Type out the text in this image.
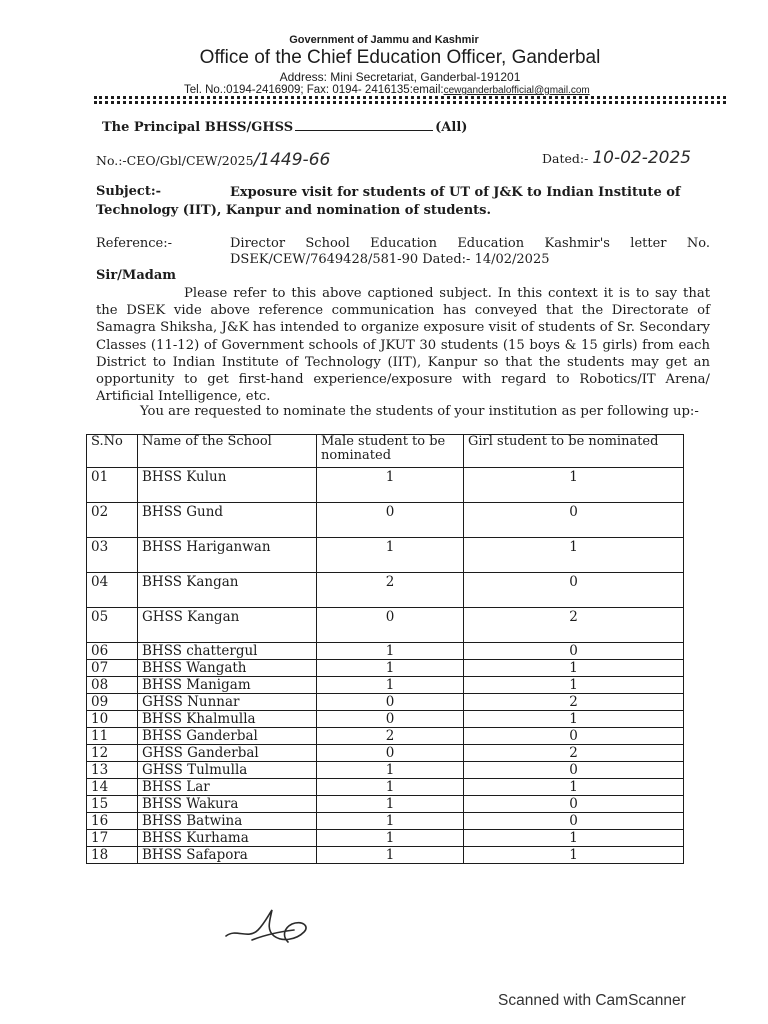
Government of Jammu and Kashmir
Office of the Chief Education Officer, Ganderbal
Address: Mini Secretariat, Ganderbal-191201
Tel. No.:0194-2416909; Fax: 0194- 2416135:email:cewganderbalofficial@gmail.com
The Principal BHSS/GHSS	(All)
No.:-CEO/Gbl/CEW/2025/1449-66	Dated:- 10-02-2025
Subject:-	Exposure visit for students of UT of J&K to Indian Institute of Technology (IIT), Kanpur and nomination of students.
Reference:-	Director School Education Education Kashmir's letter No. DSEK/CEW/7649428/581-90 Dated:- 14/02/2025
Sir/Madam
Please refer to this above captioned subject. In this context it is to say that the DSEK vide above reference communication has conveyed that the Directorate of Samagra Shiksha, J&K has intended to organize exposure visit of students of Sr. Secondary Classes (11-12) of Government schools of JKUT 30 students (15 boys & 15 girls) from each District to Indian Institute of Technology (IIT), Kanpur so that the students may get an opportunity to get first-hand experience/exposure with regard to Robotics/IT Arena/ Artificial Intelligence, etc.
You are requested to nominate the students of your institution as per following up:-
S.No	Name of the School	Male student to be nominated	Girl student to be nominated
01	BHSS Kulun	1	1
02	BHSS Gund	0	0
03	BHSS Hariganwan	1	1
04	BHSS Kangan	2	0
05	GHSS Kangan	0	2
06	BHSS chattergul	1	0
07	BHSS Wangath	1	1
08	BHSS Manigam	1	1
09	GHSS Nunnar	0	2
10	BHSS Khalmulla	0	1
11	BHSS Ganderbal	2	0
12	GHSS Ganderbal	0	2
13	GHSS Tulmulla	1	0
14	BHSS Lar	1	1
15	BHSS Wakura	1	0
16	BHSS Batwina	1	0
17	BHSS Kurhama	1	1
18	BHSS Safapora	1	1
Scanned with CamScanner
